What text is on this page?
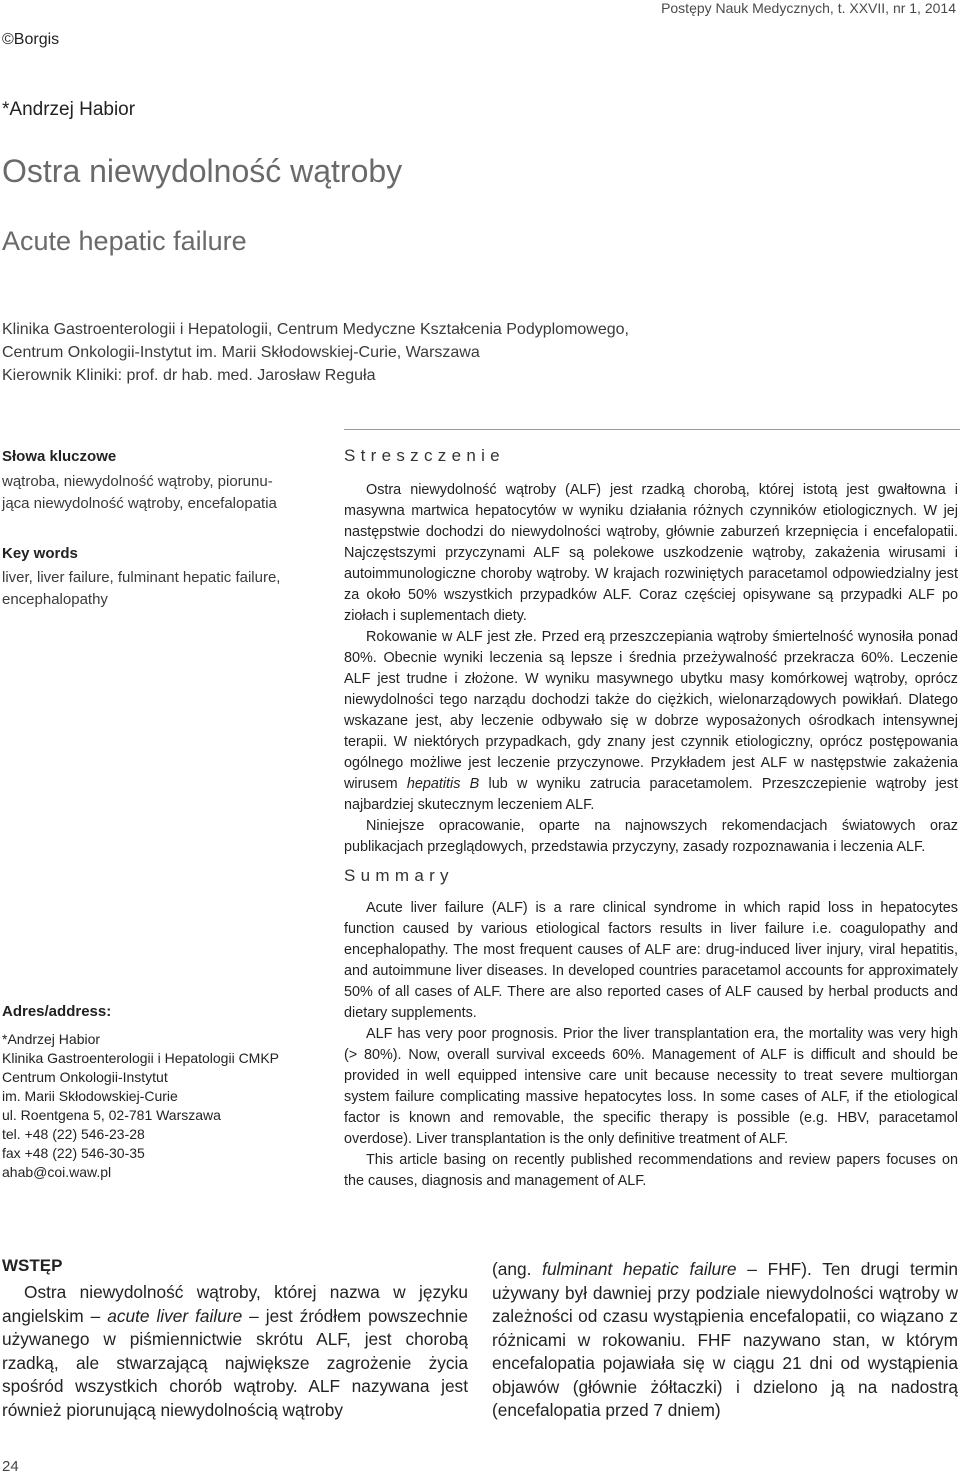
Postępy Nauk Medycznych, t. XXVII, nr 1, 2014
©Borgis
*Andrzej Habior
Ostra niewydolność wątroby
Acute hepatic failure
Klinika Gastroenterologii i Hepatologii, Centrum Medyczne Kształcenia Podyplomowego,
Centrum Onkologii-Instytut im. Marii Skłodowskiej-Curie, Warszawa
Kierownik Kliniki: prof. dr hab. med. Jarosław Reguła
Słowa kluczowe
wątroba, niewydolność wątroby, piorunu-
jąca niewydolność wątroby, encefalopatia
Key words
liver, liver failure, fulminant hepatic failure,
encephalopathy
Streszczenie

Ostra niewydolność wątroby (ALF) jest rzadką chorobą, której istotą jest gwałtowna i masywna martwica hepatocytów w wyniku działania różnych czynników etiologicznych. W jej następstwie dochodzi do niewydolności wątroby, głównie zaburzeń krzepnięcia i encefalopatii. Najczęstszymi przyczynami ALF są polekowe uszkodzenie wątroby, zakażenia wirusami i autoimmunologiczne choroby wątroby. W krajach rozwiniętych paracetamol odpowiedzialny jest za około 50% wszystkich przypadków ALF. Coraz częściej opisywane są przypadki ALF po ziołach i suplementach diety.

Rokowanie w ALF jest złe. Przed erą przeszczepiania wątroby śmiertelność wynosiła ponad 80%. Obecnie wyniki leczenia są lepsze i średnia przeżywalność przekracza 60%. Leczenie ALF jest trudne i złożone. W wyniku masywnego ubytku masy komórkowej wątroby, oprócz niewydolności tego narządu dochodzi także do ciężkich, wielonarządowych powikłań. Dlatego wskazane jest, aby leczenie odbywało się w dobrze wyposażonych ośrodkach intensywnej terapii. W niektórych przypadkach, gdy znany jest czynnik etiologiczny, oprócz postępowania ogólnego możliwe jest leczenie przyczynowe. Przykładem jest ALF w następstwie zakażenia wirusem hepatitis B lub w wyniku zatrucia paracetamolem. Przeszczepienie wątroby jest najbardziej skutecznym leczeniem ALF.

Niniejsze opracowanie, oparte na najnowszych rekomendacjach światowych oraz publikacjach przeglądowych, przedstawia przyczyny, zasady rozpoznawania i leczenia ALF.

Summary

Acute liver failure (ALF) is a rare clinical syndrome in which rapid loss in hepatocytes function caused by various etiological factors results in liver failure i.e. coagulopathy and encephalopathy. The most frequent causes of ALF are: drug-induced liver injury, viral hepatitis, and autoimmune liver diseases. In developed countries paracetamol accounts for approximately 50% of all cases of ALF. There are also reported cases of ALF caused by herbal products and dietary supplements.

ALF has very poor prognosis. Prior the liver transplantation era, the mortality was very high (> 80%). Now, overall survival exceeds 60%. Management of ALF is difficult and should be provided in well equipped intensive care unit because necessity to treat severe multiorgan system failure complicating massive hepatocytes loss. In some cases of ALF, if the etiological factor is known and removable, the specific therapy is possible (e.g. HBV, paracetamol overdose). Liver transplantation is the only definitive treatment of ALF.

This article basing on recently published recommendations and review papers focuses on the causes, diagnosis and management of ALF.

Adres/address:
*Andrzej Habior
Klinika Gastroenterologii i Hepatologii CMKP
Centrum Onkologii-Instytut
im. Marii Skłodowskiej-Curie
ul. Roentgena 5, 02-781 Warszawa
tel. +48 (22) 546-23-28
fax +48 (22) 546-30-35
ahab@coi.waw.pl
WSTĘP

Ostra niewydolność wątroby, której nazwa w języku angielskim – acute liver failure – jest źródłem powszechnie używanego w piśmiennictwie skrótu ALF, jest chorobą rzadką, ale stwarzającą największe zagrożenie życia spośród wszystkich chorób wątroby. ALF nazywana jest również piorunującą niewydolnością wątroby

(ang. fulminant hepatic failure – FHF). Ten drugi termin używany był dawniej przy podziale niewydolności wątroby w zależności od czasu wystąpienia encefalopatii, co wiązano z różnicami w rokowaniu. FHF nazywano stan, w którym encefalopatia pojawiała się w ciągu 21 dni od wystąpienia objawów (głównie żółtaczki) i dzielono ją na nadostrą (encefalopatia przed 7 dniem)

24
